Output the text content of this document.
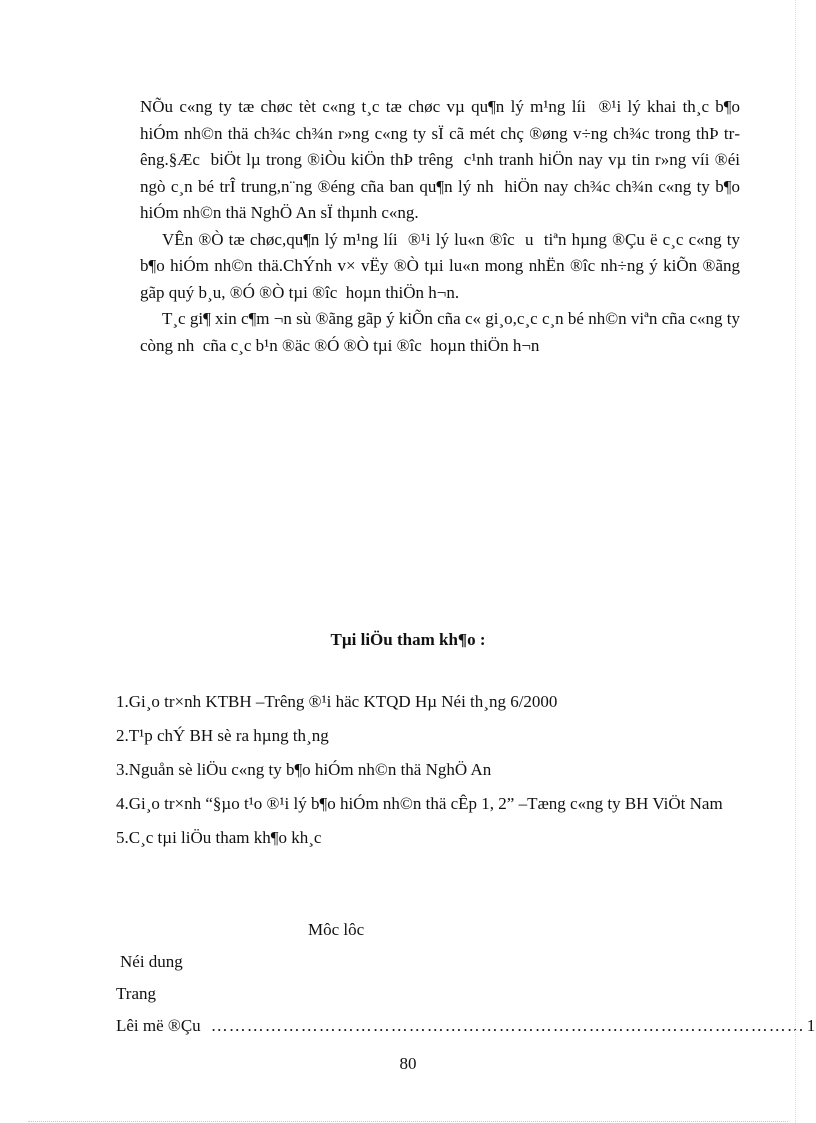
NÕu c«ng ty tæ chøc tèt c«ng t¸c tæ chøc vµ qu¶n lý m¹ng líi  ®¹i lý khai th¸c b¶o hiÓm nh©n thä ch¾c ch¾n r»ng c«ng ty sÏ cã mét chç ®øng v÷ng ch¾c trong thÞ trêng.§Æc  biÖt lµ trong ®iÒu kiÖn thÞ trêng  c¹nh tranh hiÖn nay vµ tin r»ng víi ®éi ngò c¸n bé trÎ trung,n¨ng ®éng cña ban qu¶n lý nh  hiÖn nay ch¾c ch¾n c«ng ty b¶o hiÓm nh©n thä NghÖ An sÏ thµnh c«ng.

VÊn ®Ò tæ chøc,qu¶n lý m¹ng líi  ®¹i lý lu«n ®îc  u  tiªn hµng ®Çu ë c¸c c«ng ty b¶o hiÓm nh©n thä.ChÝnh v× vËy ®Ò tµi lu«n mong nhËn ®îc nh÷ng ý kiÕn ®ãng gãp quý b¸u, ®Ó ®Ò tµi ®îc  hoµn thiÖn h¬n.

T¸c gi¶ xin c¶m ¬n sù ®ãng gãp ý kiÕn cña c« gi¸o,c¸c c¸n bé nh©n viªn cña c«ng ty còng nh  cña c¸c b¹n ®äc ®Ó ®Ò tµi ®îc  hoµn thiÖn h¬n

Tµi liÖu tham kh¶o :

1.Gi¸o tr×nh KTBH –Trêng ®¹i häc KTQD Hµ Néi th¸ng 6/2000
2.T¹p chÝ BH sè ra hµng th¸ng
3.Nguån sè liÖu c«ng ty b¶o hiÓm nh©n thä NghÖ An
4.Gi¸o tr×nh “§µo t¹o ®¹i lý b¶o hiÓm nh©n thä cÊp 1, 2” –Tæng c«ng ty BH ViÖt Nam
5.C¸c tµi liÖu tham kh¶o kh¸c

Môc lôc

Néi dung

Trang

Lêi më ®Çu ……………………………………………………………………………………… 1

80
